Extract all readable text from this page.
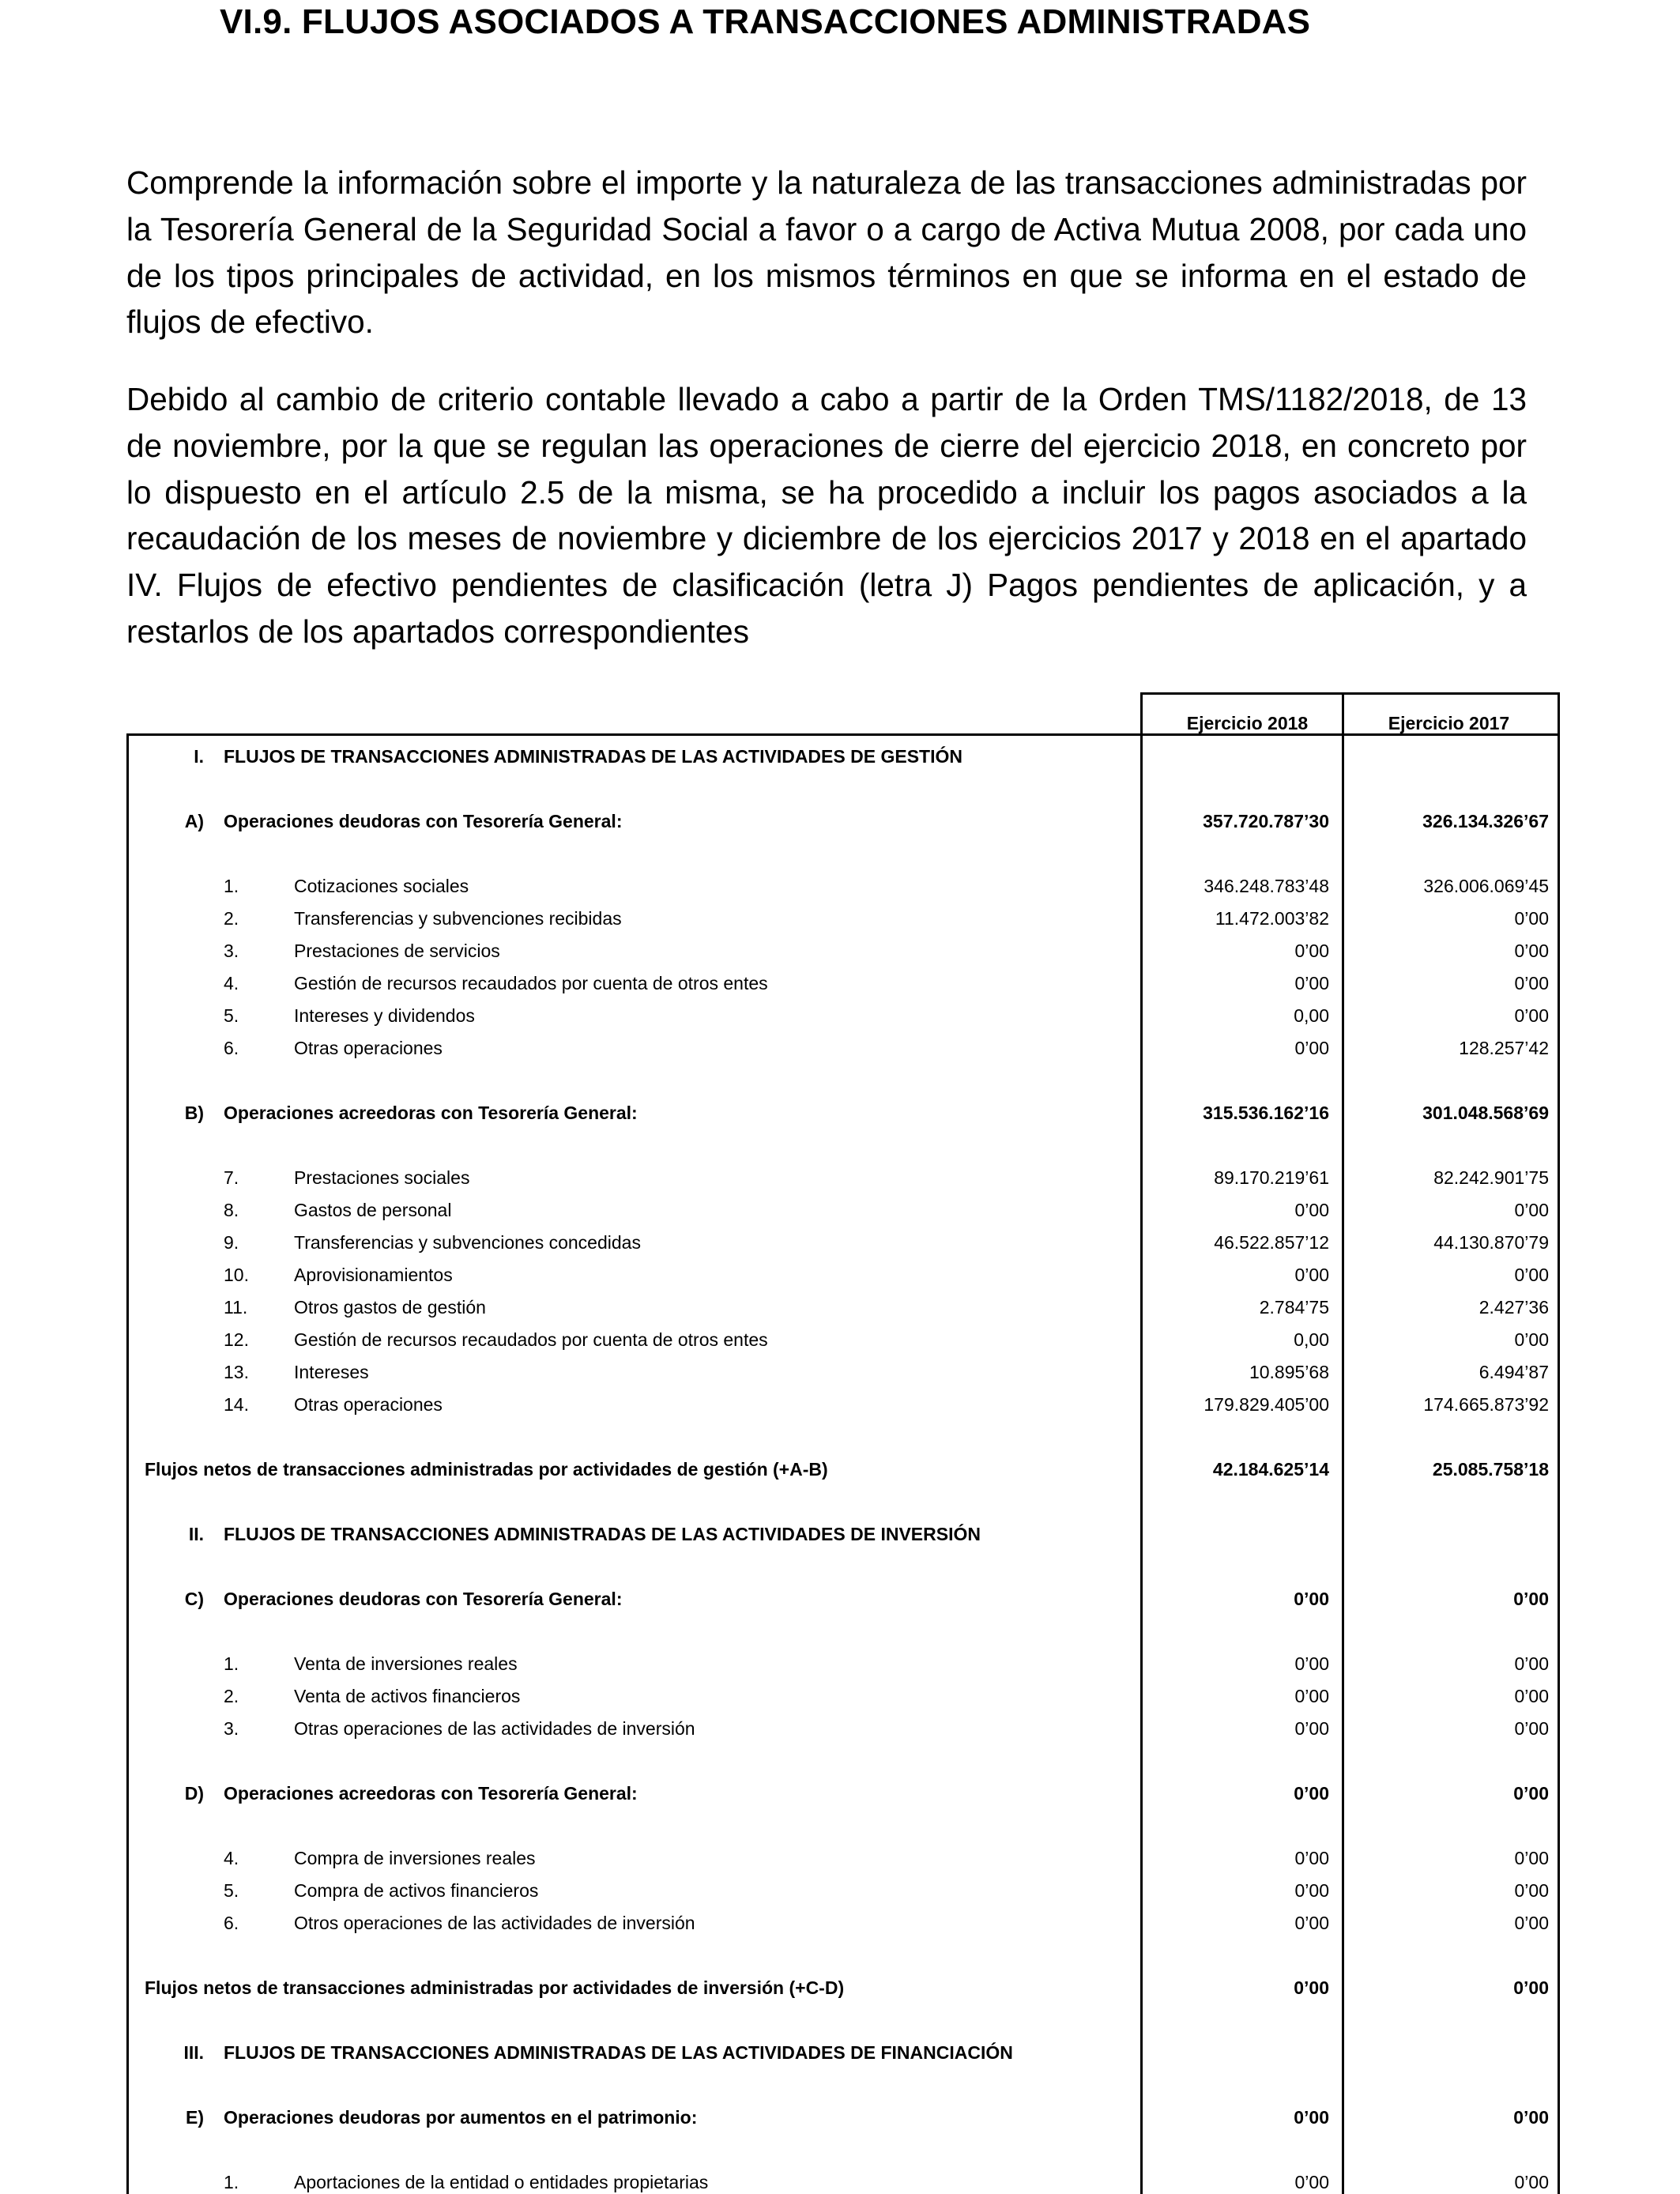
VI.9. FLUJOS ASOCIADOS A TRANSACCIONES ADMINISTRADAS
Comprende la información sobre el importe y la naturaleza de las transacciones administradas por la Tesorería General de la Seguridad Social a favor o a cargo de Activa Mutua 2008, por cada uno de los tipos principales de actividad, en los mismos términos en que se informa en el estado de flujos de efectivo.
Debido al cambio de criterio contable llevado a cabo a partir de la Orden TMS/1182/2018, de 13 de noviembre, por la que se regulan las operaciones de cierre del ejercicio 2018, en concreto por lo dispuesto en el artículo 2.5 de la misma, se ha procedido a incluir los pagos asociados a la recaudación de los meses de noviembre y diciembre de los ejercicios 2017 y 2018 en el apartado IV. Flujos de efectivo pendientes de clasificación (letra J) Pagos pendientes de aplicación, y a restarlos de los apartados correspondientes
Ejercicio 2018	Ejercicio 2017
I. FLUJOS DE TRANSACCIONES ADMINISTRADAS DE LAS ACTIVIDADES DE GESTIÓN
A) Operaciones deudoras con Tesorería General:	357.720.787’30	326.134.326’67
1.	Cotizaciones sociales	346.248.783’48	326.006.069’45
2.	Transferencias y subvenciones recibidas	11.472.003’82	0’00
3.	Prestaciones de servicios	0’00	0’00
4.	Gestión de recursos recaudados por cuenta de otros entes	0’00	0’00
5.	Intereses y dividendos	0,00	0’00
6.	Otras operaciones	0’00	128.257’42
B) Operaciones acreedoras con Tesorería General:	315.536.162’16	301.048.568’69
7.	Prestaciones sociales	89.170.219’61	82.242.901’75
8.	Gastos de personal	0’00	0’00
9.	Transferencias y subvenciones concedidas	46.522.857’12	44.130.870’79
10. Aprovisionamientos	0’00	0’00
11.	Otros gastos de gestión	2.784’75	2.427’36
12. Gestión de recursos recaudados por cuenta de otros entes	0,00	0’00
13. Intereses	10.895’68	6.494’87
14. Otras operaciones	179.829.405’00	174.665.873’92
Flujos netos de transacciones administradas por actividades de gestión (+A-B)	42.184.625’14	25.085.758’18
II. FLUJOS DE TRANSACCIONES ADMINISTRADAS DE LAS ACTIVIDADES DE INVERSIÓN
C) Operaciones deudoras con Tesorería General:	0’00	0’00
1.	Venta de inversiones reales	0’00	0’00
2.	Venta de activos financieros	0’00	0’00
3.	Otras operaciones de las actividades de inversión	0’00	0’00
D) Operaciones acreedoras con Tesorería General:	0’00	0’00
4.	Compra de inversiones reales	0’00	0’00
5.	Compra de activos financieros	0’00	0’00
6.	Otros operaciones de las actividades de inversión	0’00	0’00
Flujos netos de transacciones administradas por actividades de inversión (+C-D)	0’00	0’00
III. FLUJOS DE TRANSACCIONES ADMINISTRADAS DE LAS ACTIVIDADES DE FINANCIACIÓN
E) Operaciones deudoras por aumentos en el patrimonio:	0’00	0’00
1.	Aportaciones de la entidad o entidades propietarias	0’00	0’00
